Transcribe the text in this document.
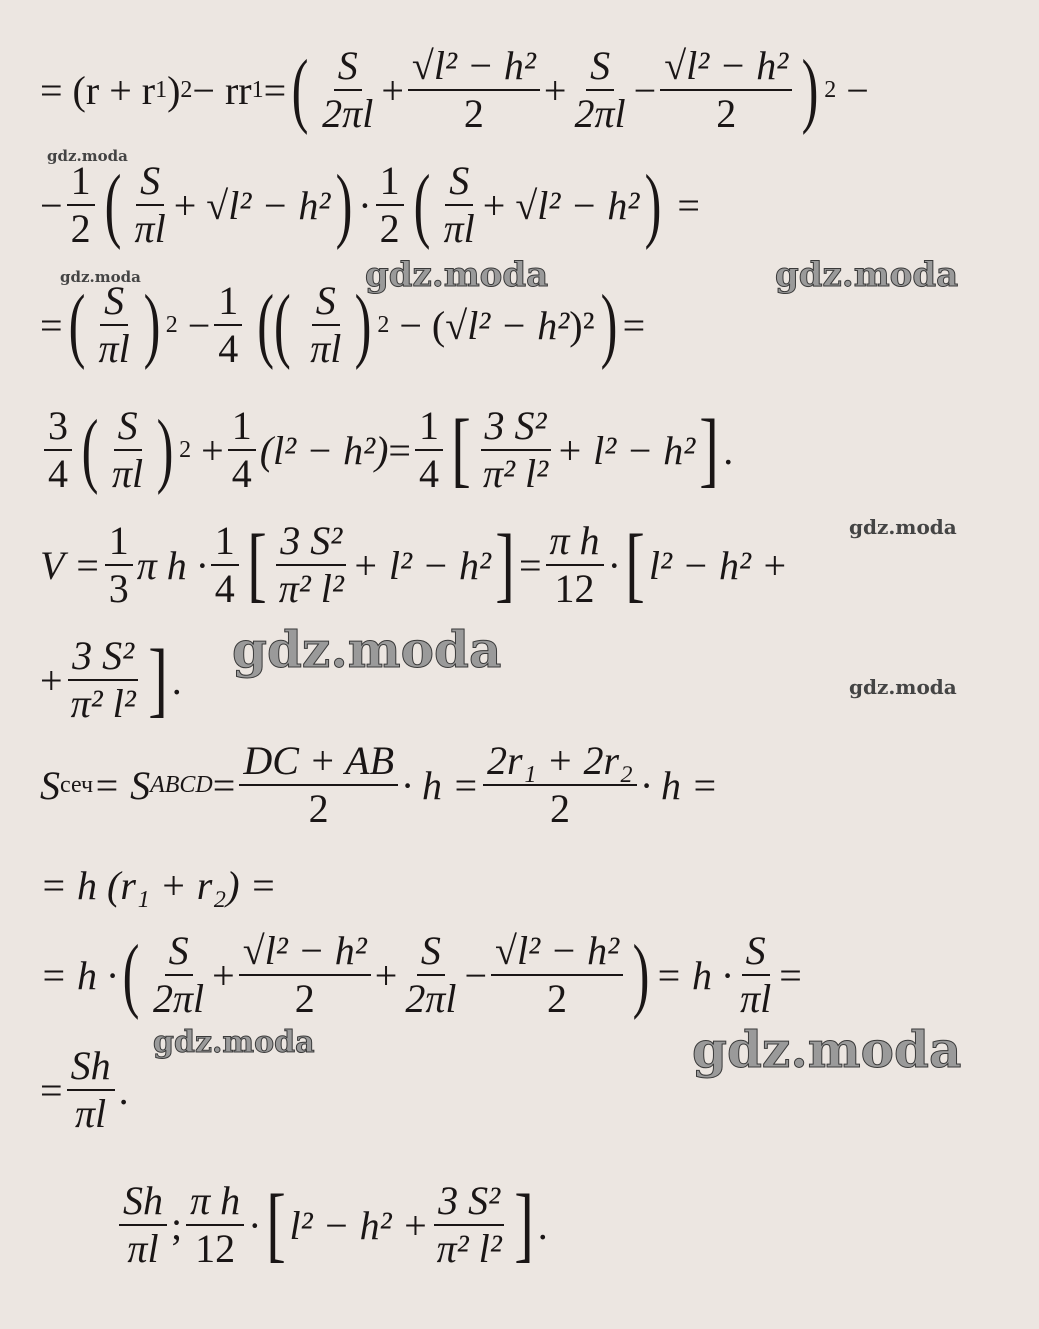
= (r + r 1 ) 2 − rr 1 = ( $\frac{S}{2\pi l} + \frac{\text{√l² − h²}}{2} + \frac{S}{2\pi l} - \frac{\text{√l² − h²}}{2}$ ) 2 −
− $\frac{1}{2}$ ( $\frac{S}{\pi l}$ + √ l² − h² ) · $\frac{1}{2}$ ( $\frac{S}{\pi l}$ + √ l² − h² ) =
= ( $\frac{S}{\pi l}$ ) $2 - \frac{1}{4}$ (( $\frac{S}{\pi l}$ ) 2 − (√ l² − h² )² ) =
$\frac{3}{4}$ ( $\frac{S}{\pi l}$ ) $2 + \frac{1}{4} (l^2 - h^2) = \frac{1}{4}$ [ $\frac{\text{3 S²}}{\text{π² l²}} + l^2 - h^2$ ] .
$V = \frac{1}{3}$ π $h \cdot \frac{1}{4}$ [ $\frac{\text{3 S²}}{\text{π² l²}} + l^2 - h^2$ ] = $\frac{\text{π h}}{12}$ · [ l² − h² +
+ $\frac{\text{3 S²}}{\text{π² l²}}$ ] .
S сеч = S ABCD = $\frac{DC + AB}{2} \cdot h = \frac{\text{2r₁ + 2r₂}}{2} \cdot h$ =
= h (r₁ + r₂) =
= h · ( $\frac{S}{2\pi l} + \frac{\text{√l² − h²}}{2} + \frac{S}{2\pi l} - \frac{\text{√l² − h²}}{2}$ ) = $h \cdot \frac{S}{\pi l}$ =
= $\frac{Sh}{\pi l}$ .
$\frac{Sh}{\pi l}$ ; $\frac{\text{π h}}{12}$ · [ $l^2 - h^2 + \frac{\text{3 S²}}{\text{π² l²}}$ ] .
gdz.moda	gdz.moda
gdz.moda
gdz.moda	gdz.moda
gdz.moda
gdz.moda
gdz.moda
gdz.moda
